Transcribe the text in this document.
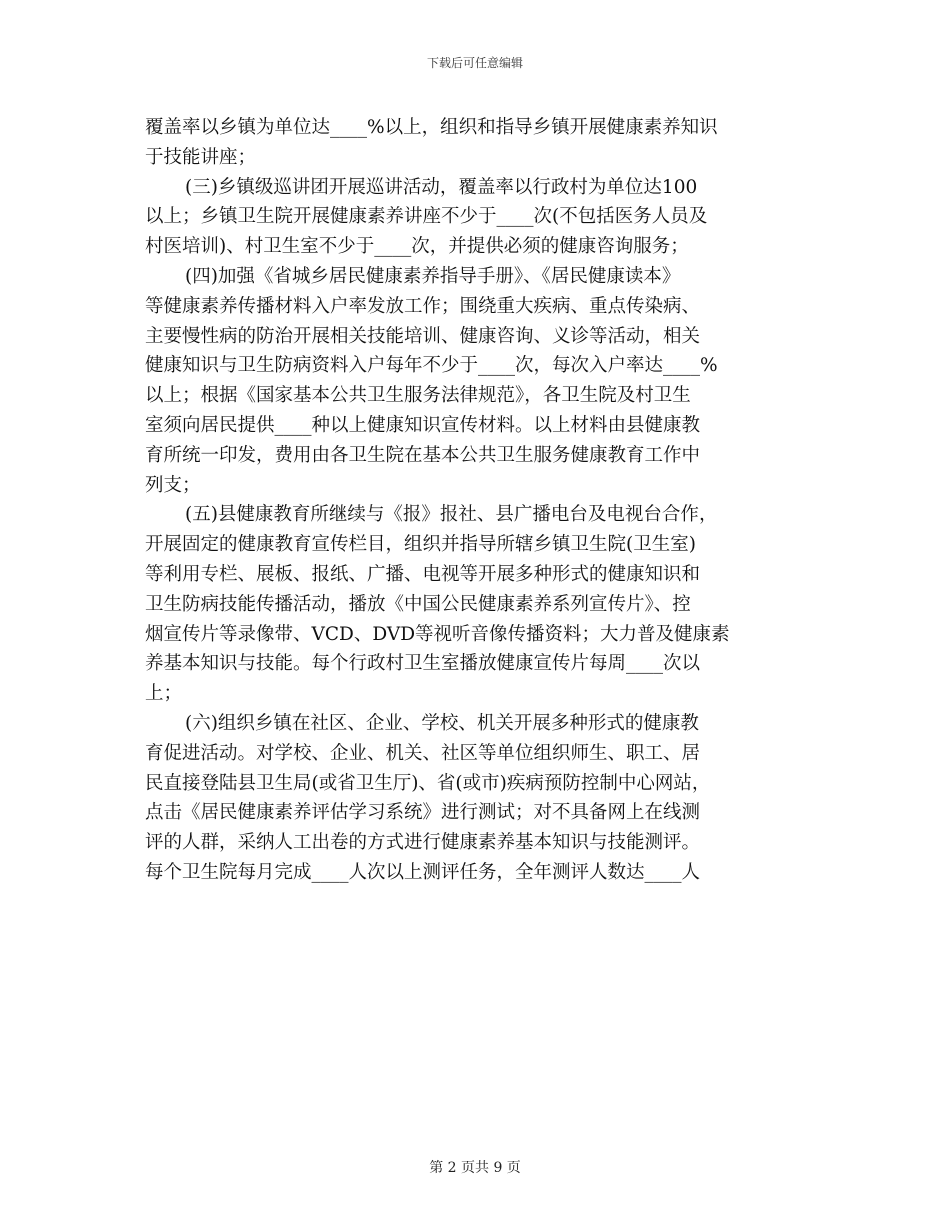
下载后可任意编辑
覆盖率以乡镇为单位达____%以上，组织和指导乡镇开展健康素养知识
于技能讲座；
(三)乡镇级巡讲团开展巡讲活动，覆盖率以行政村为单位达100
以上；乡镇卫生院开展健康素养讲座不少于____次(不包括医务人员及
村医培训)、村卫生室不少于____次，并提供必须的健康咨询服务；
(四)加强《省城乡居民健康素养指导手册》、《居民健康读本》
等健康素养传播材料入户率发放工作；围绕重大疾病、重点传染病、
主要慢性病的防治开展相关技能培训、健康咨询、义诊等活动，相关
健康知识与卫生防病资料入户每年不少于____次，每次入户率达____%
以上；根据《国家基本公共卫生服务法律规范》，各卫生院及村卫生
室须向居民提供____种以上健康知识宣传材料。以上材料由县健康教
育所统一印发，费用由各卫生院在基本公共卫生服务健康教育工作中
列支；
(五)县健康教育所继续与《报》报社、县广播电台及电视台合作，
开展固定的健康教育宣传栏目，组织并指导所辖乡镇卫生院(卫生室)
等利用专栏、展板、报纸、广播、电视等开展多种形式的健康知识和
卫生防病技能传播活动，播放《中国公民健康素养系列宣传片》、控
烟宣传片等录像带、VCD、DVD等视听音像传播资料；大力普及健康素
养基本知识与技能。每个行政村卫生室播放健康宣传片每周____次以
上；
(六)组织乡镇在社区、企业、学校、机关开展多种形式的健康教
育促进活动。对学校、企业、机关、社区等单位组织师生、职工、居
民直接登陆县卫生局(或省卫生厅)、省(或市)疾病预防控制中心网站，
点击《居民健康素养评估学习系统》进行测试；对不具备网上在线测
评的人群，采纳人工出卷的方式进行健康素养基本知识与技能测评。
每个卫生院每月完成____人次以上测评任务，全年测评人数达____人
第 2 页共 9 页
